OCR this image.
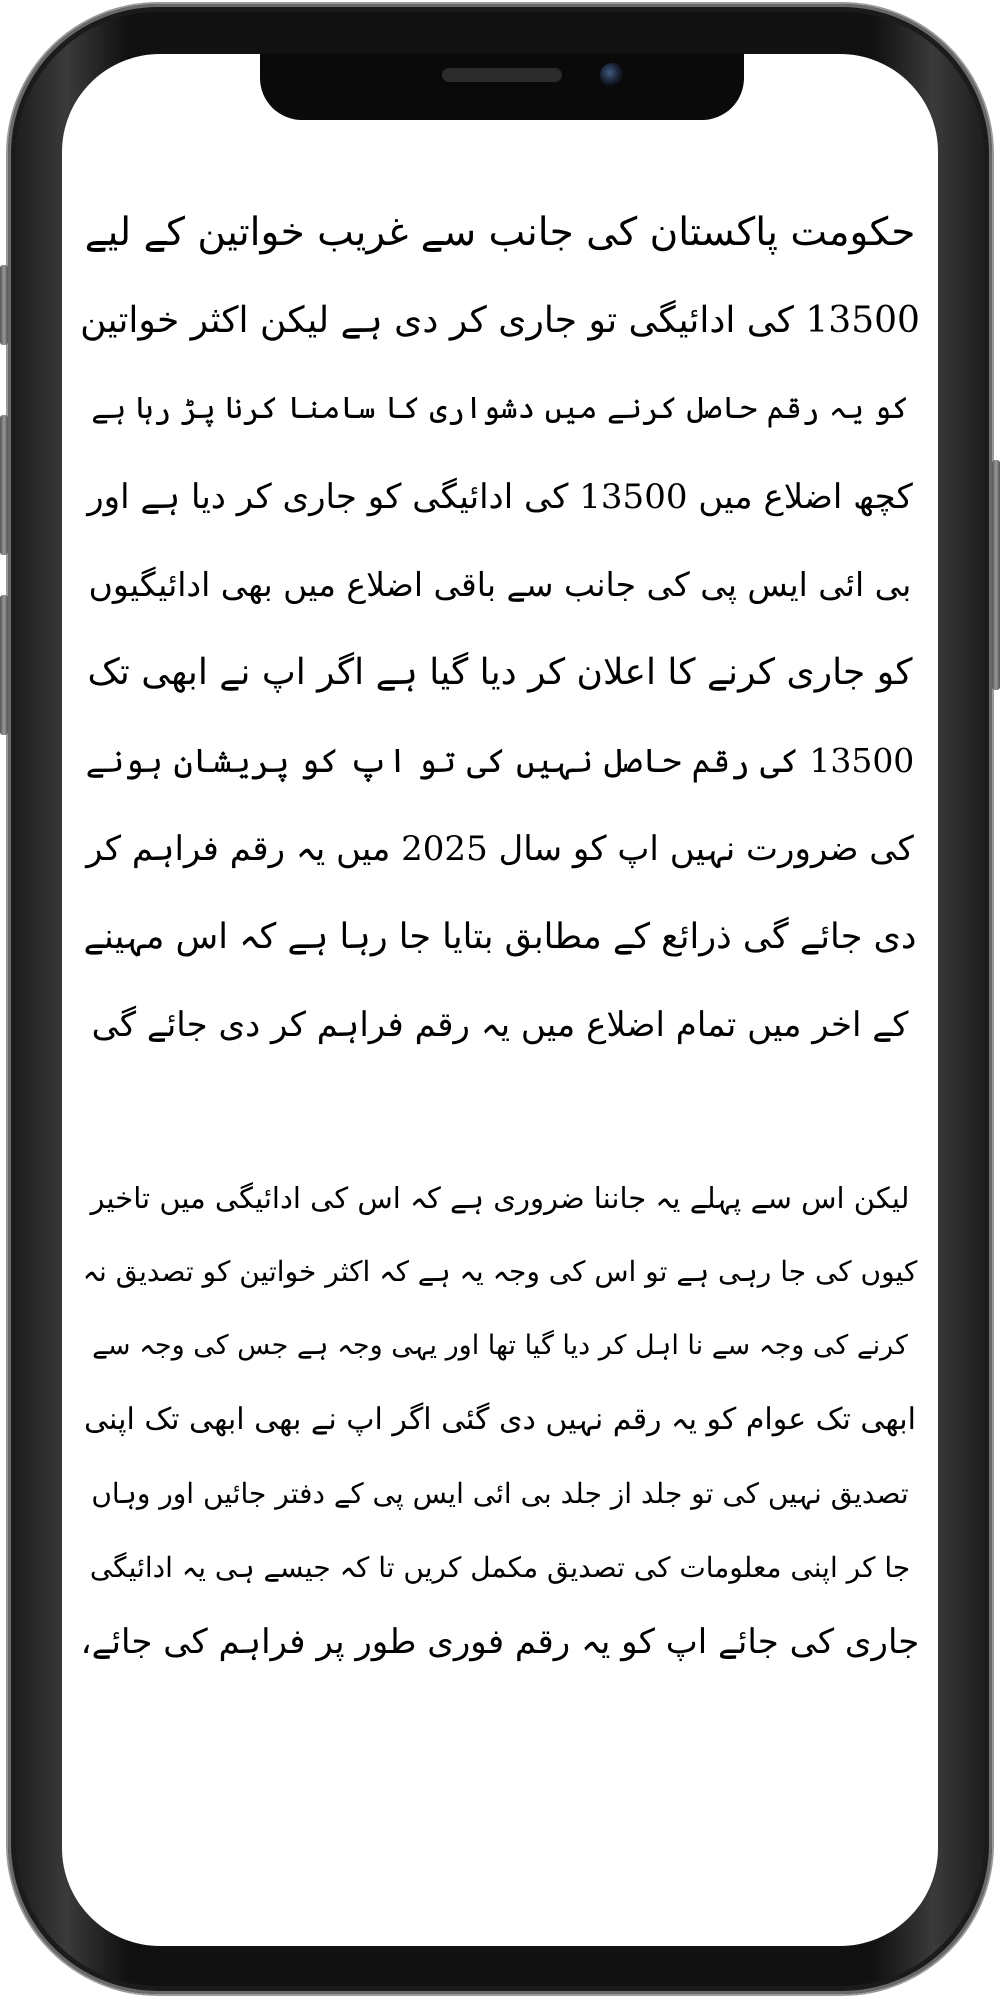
حکومت پاکستان کی جانب سے غریب خواتین کے لیے

13500 کی ادائیگی تو جاری کر دی ہے لیکن اکثر خواتین

کو یہ رقم حاصل کرنے میں دشواری کا سامنا کرنا پڑ رہا ہے

کچھ اضلاع میں 13500 کی ادائیگی کو جاری کر دیا ہے اور

بی ائی ایس پی کی جانب سے باقی اضلاع میں بھی ادائیگیوں

کو جاری کرنے کا اعلان کر دیا گیا ہے اگر اپ نے ابھی تک

13500 کی رقم حاصل نہیں کی تو اپ کو پریشان ہونے

کی ضرورت نہیں اپ کو سال 2025 میں یہ رقم فراہم کر

دی جائے گی ذرائع کے مطابق بتایا جا رہا ہے کہ اس مہینے

کے اخر میں تمام اضلاع میں یہ رقم فراہم کر دی جائے گی

لیکن اس سے پہلے یہ جاننا ضروری ہے کہ اس کی ادائیگی میں تاخیر

کیوں کی جا رہی ہے تو اس کی وجہ یہ ہے کہ اکثر خواتین کو تصدیق نہ

کرنے کی وجہ سے نا اہل کر دیا گیا تھا اور یہی وجہ ہے جس کی وجہ سے

ابھی تک عوام کو یہ رقم نہیں دی گئی اگر اپ نے بھی ابھی تک اپنی

تصدیق نہیں کی تو جلد از جلد بی ائی ایس پی کے دفتر جائیں اور وہاں

جا کر اپنی معلومات کی تصدیق مکمل کریں تا کہ جیسے ہی یہ ادائیگی

جاری کی جائے اپ کو یہ رقم فوری طور پر فراہم کی جائے،
